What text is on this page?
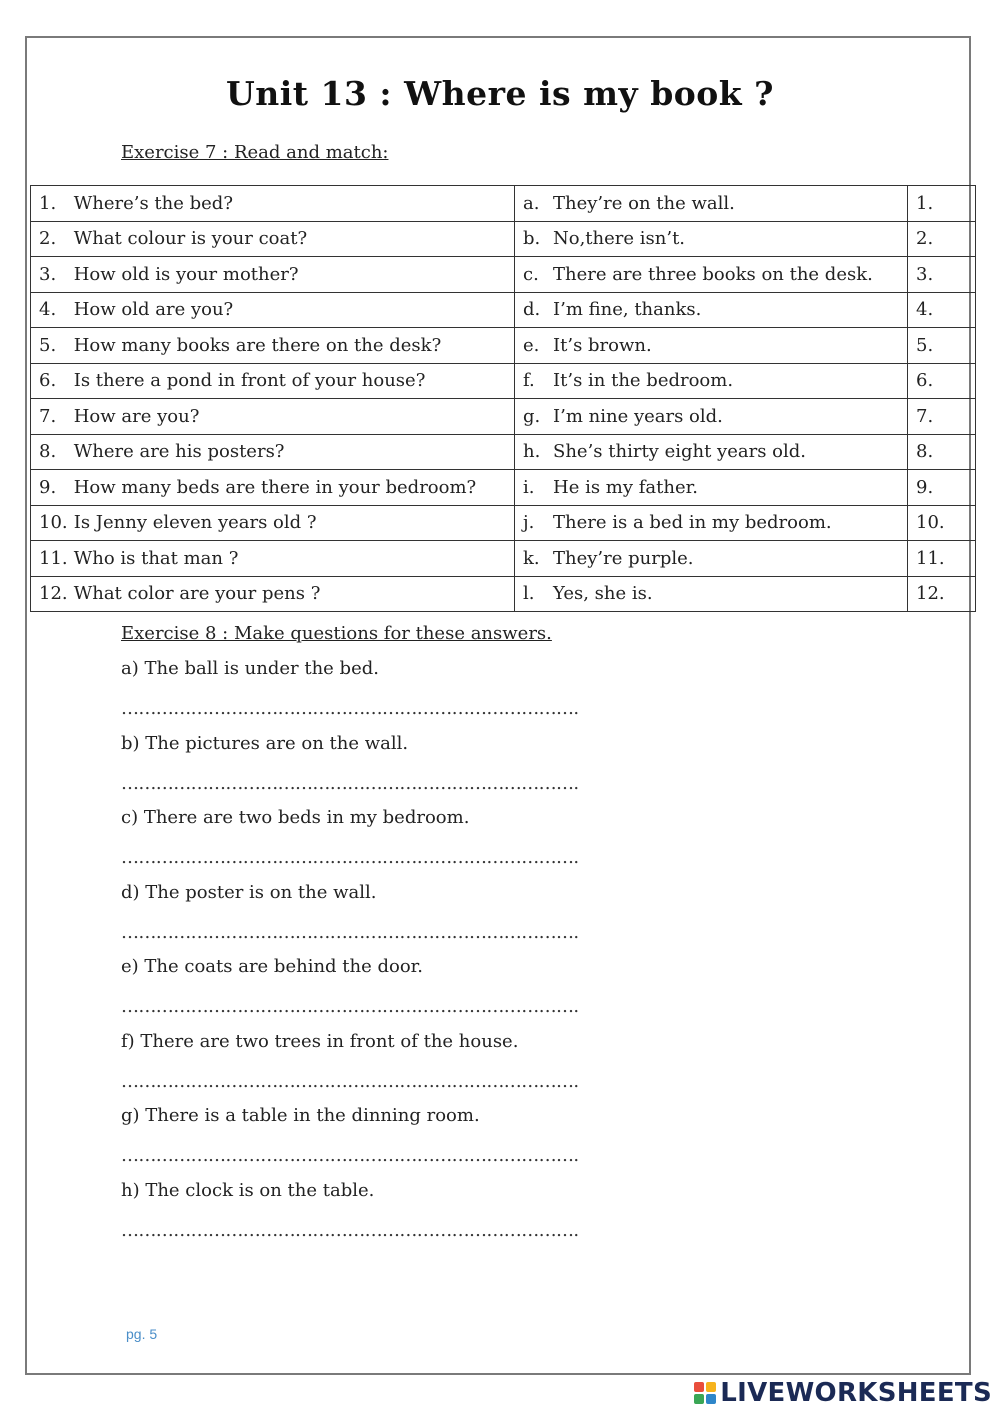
Unit 13 : Where is my book ?
Exercise 7 : Read and match:
1. Where’s the bed?	a. They’re on the wall.	1.
2. What colour is your coat?	b. No,there isn’t.	2.
3. How old is your mother?	c. There are three books on the desk.	3.
4. How old are you?	d. I’m fine, thanks.	4.
5. How many books are there on the desk?	e. It’s brown.	5.
6. Is there a pond in front of your house?	f. It’s in the bedroom.	6.
7. How are you?	g. I’m nine years old.	7.
8. Where are his posters?	h. She’s thirty eight years old.	8.
9. How many beds are there in your bedroom?	i. He is my father.	9.
10. Is Jenny eleven years old ?	j. There is a bed in my bedroom.	10.
11. Who is that man ?	k. They’re purple.	11.
12. What color are your pens ?	l. Yes, she is.	12.
Exercise 8 : Make questions for these answers.
a) The ball is under the bed.
…………………………………………………………………….
b) The pictures are on the wall.
…………………………………………………………………….
c) There are two beds in my bedroom.
…………………………………………………………………….
d) The poster is on the wall.
…………………………………………………………………….
e) The coats are behind the door.
…………………………………………………………………….
f) There are two trees in front of the house.
…………………………………………………………………….
g) There is a table in the dinning room.
…………………………………………………………………….
h) The clock is on the table.
…………………………………………………………………….
pg. 5
LIVEWORKSHEETS
